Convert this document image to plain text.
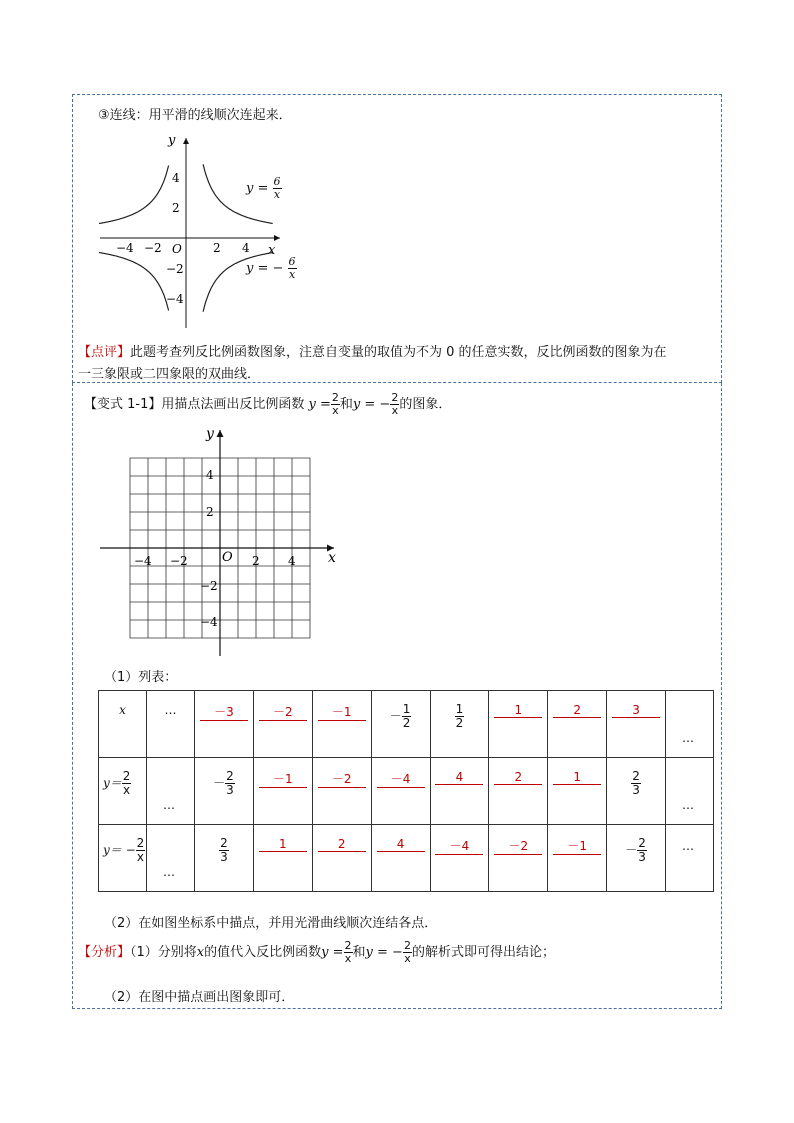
③连线：用平滑的线顺次连起来．
y
x
O
−4 −2	2 4
4
2
−2
−4
$y = \frac{6}{x}$
y = − $\frac{6}{x}$
【点评】此题考查列反比例函数图象，注意自变量的取值为不为 0 的任意实数，反比例函数的图象为在
一三象限或二四象限的双曲线．
【变式 1-1】用描点法画出反比例函数 $y = \frac{2}{x}$ 和y = − $\frac{2}{x}$ 的图象．
y
x
O
−4 −2	2 4
4
2
−2
−4
（1）列表：
x	…	－3	－2	－1	－ $\frac{1}{2}$	$\frac{1}{2}$	1	2	3	…

$y= \frac{2}{x}$	…	－ $\frac{2}{3}$	－1	－2	－4	4	2	1	$\frac{2}{3}$	…

$y= - \frac{2}{x}$	…	$\frac{2}{3}$	1	2	4	－4	－2	－1	－ $\frac{2}{3}$	…
（2）在如图坐标系中描点，并用光滑曲线顺次连结各点．
【分析】（1）分别将x的值代入反比例函数$y = \frac{2}{x}$ 和y = − $\frac{2}{x}$ 的解析式即可得出结论；
（2）在图中描点画出图象即可．
